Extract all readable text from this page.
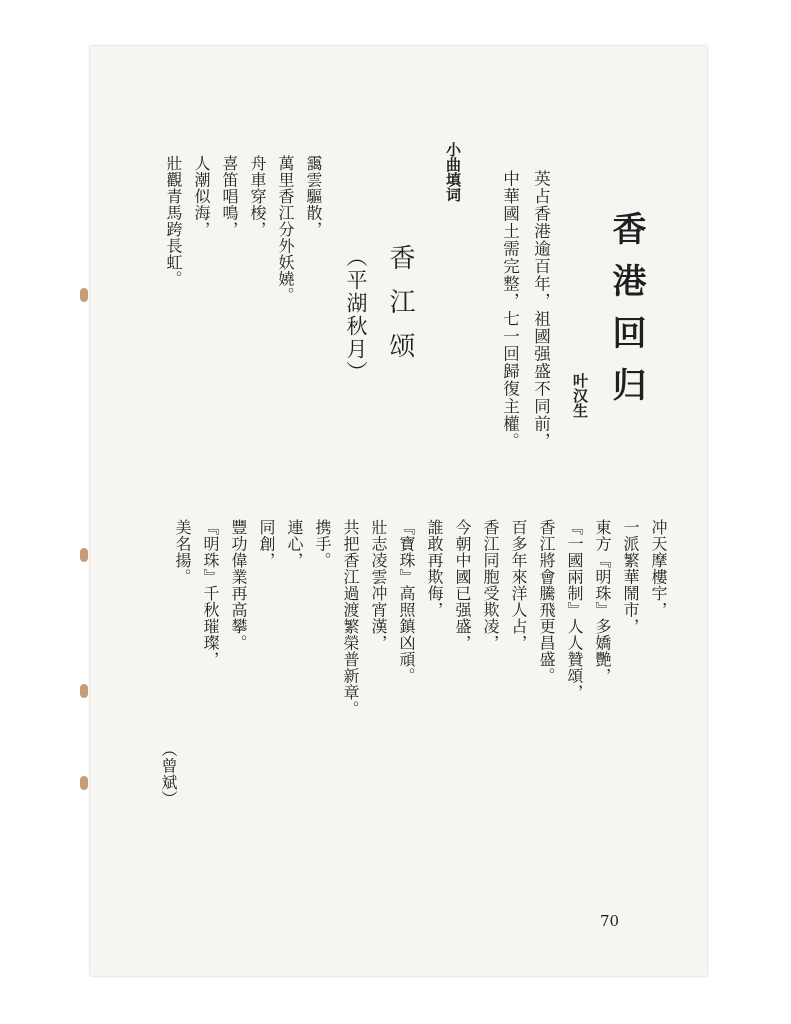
香港回归
叶汉生
英占香港逾百年，祖國强盛不同前，
中華國土需完整，七一回歸復主權。
小曲填词
香江颂
（平湖秋月）
靄雲驅散，
萬里香江分外妖嬈。
舟車穿梭，
喜笛唱鳴，
人潮似海，
壯觀青馬跨長虹。
冲天摩樓宇，
一派繁華鬧市，
東方『明珠』多嬌艷，
『一國兩制』人人贊頌，
香江將會騰飛更昌盛。
百多年來洋人占，
香江同胞受欺凌，
今朝中國已强盛，
誰敢再欺侮，
『寶珠』高照鎮凶頑。
壯志凌雲冲宵漢，
共把香江過渡繁榮普新章。
携手。
連心，
同創，
豐功偉業再高攀。
『明珠』千秋璀璨，
美名揚。
（曾斌）
70
